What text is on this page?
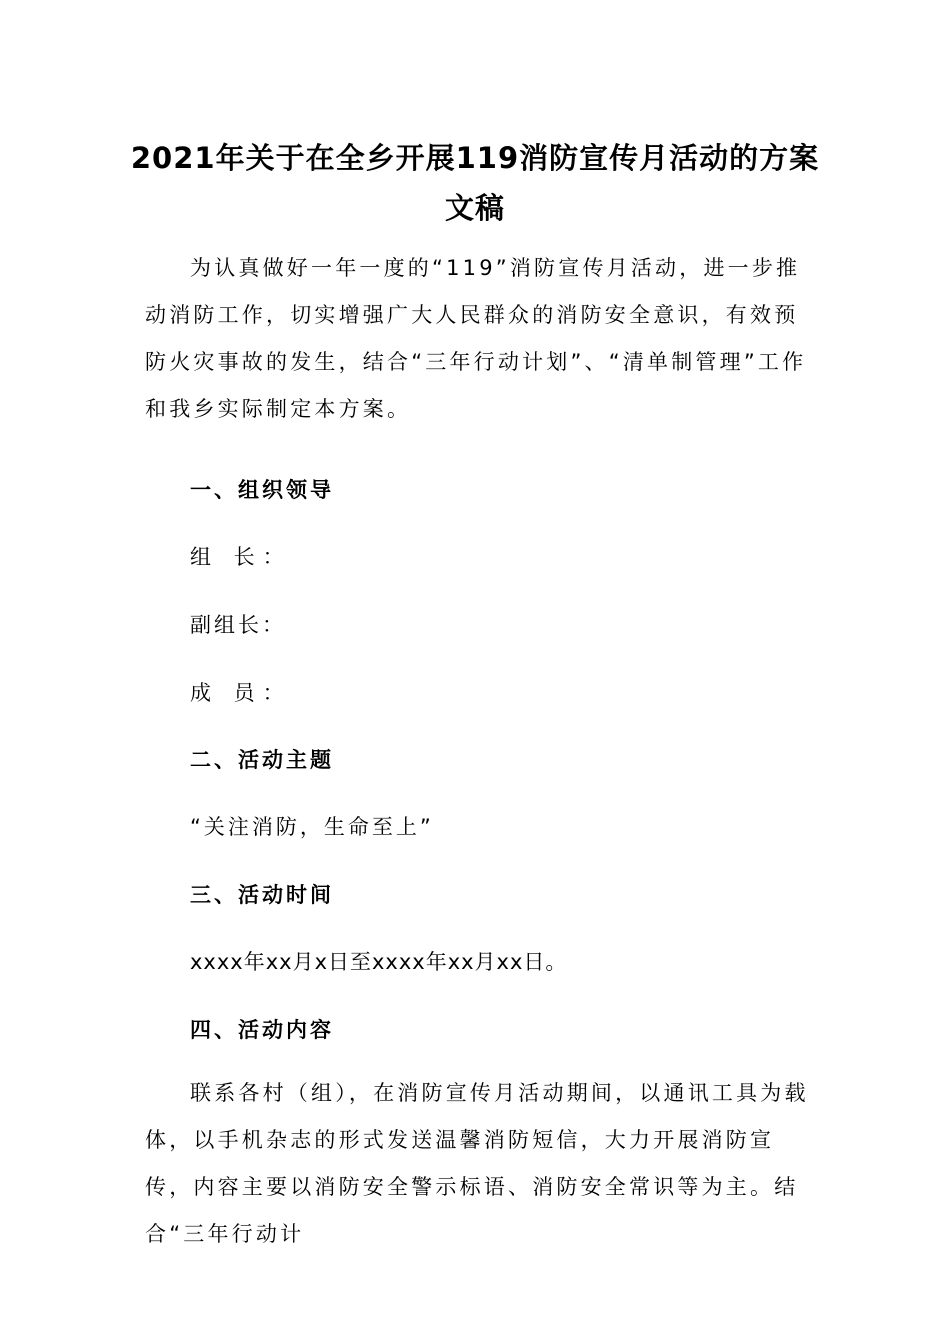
2021年关于在全乡开展119消防宣传月活动的方案
文稿

为认真做好一年一度的“119”消防宣传月活动，进一步推动消防工作，切实增强广大人民群众的消防安全意识，有效预防火灾事故的发生，结合“三年行动计划”、“清单制管理”工作和我乡实际制定本方案。

一、组织领导

组 长：

副组长：

成 员：

二、活动主题

“关注消防，生命至上”

三、活动时间

xxxx年xx月x日至xxxx年xx月xx日。

四、活动内容

联系各村（组），在消防宣传月活动期间，以通讯工具为载体，以手机杂志的形式发送温馨消防短信，大力开展消防宣传，内容主要以消防安全警示标语、消防安全常识等为主。结合“三年行动计
